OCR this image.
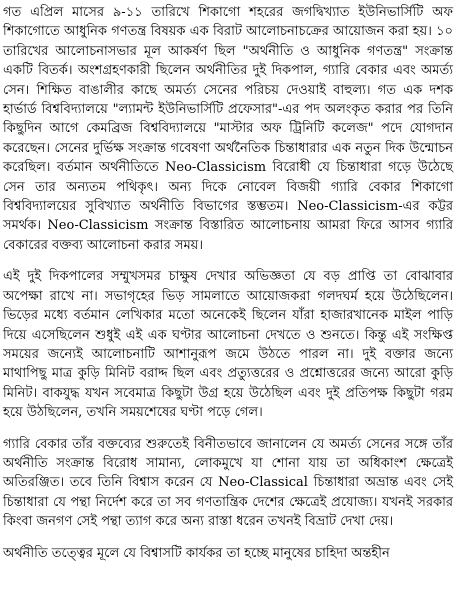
গত এপ্রিল মাসের ৯-১১ তারিখে শিকাগো শহরের জগদ্বিখ্যাত ইউনিভার্সিটি অফ শিকাগোতে আধুনিক গণতন্ত্র বিষয়ক এক বিরাট আলোচনাচক্রের আয়োজন করা হয়। ১০ তারিখের আলোচনাসভার মূল আকর্ষণ ছিল "অর্থনীতি ও আধুনিক গণতন্ত্র" সংক্রান্ত একটি বিতর্ক। অংশগ্রহণকারী ছিলেন অর্থনীতির দুই দিকপাল, গ্যারি বেকার এবং অমর্ত্য সেন। শিক্ষিত বাঙালীর কাছে অমর্ত্য সেনের পরিচয় দেওয়াই বাহুল্য। গত এক দশক হার্ভার্ড বিশ্ববিদ্যালয়ে "ল্যামন্ট ইউনিভার্সিটি প্রফেসার"-এর পদ অলংকৃত করার পর তিনি কিছুদিন আগে কেমব্রিজ বিশ্ববিদ্যালয়ে "মাস্টার অফ ট্রিনিটি কলেজ" পদে যোগদান করেছেন। সেনের দুর্ভিক্ষ সংক্রান্ত গবেষণা অর্থনৈতিক চিন্তাধারার এক নতুন দিক উন্মোচন করেছিল। বর্তমান অর্থনীতিতে Neo-Classicism বিরোধী যে চিন্তাধারা গড়ে উঠেছে সেন তার অন্যতম পথিকৃৎ। অন্য দিকে নোবেল বিজয়ী গ্যারি বেকার শিকাগো বিশ্ববিদ্যালয়ের সুবিখ্যাত অর্থনীতি বিভাগের স্তম্ভতম। Neo-Classicism-এর কট্টর সমর্থক। Neo-Classicism সংক্রান্ত বিস্তারিত আলোচনায় আমরা ফিরে আসব গ্যারি বেকারের বক্তব্য আলোচনা করার সময়।

এই দুই দিকপালের সম্মুখসমর চাক্ষুষ দেখার অভিজ্ঞতা যে বড় প্রাপ্তি তা বোঝাবার অপেক্ষা রাখে না। সভাগৃহের ভিড় সামলাতে আয়োজকরা গলদঘর্ম হয়ে উঠেছিলেন। ভিড়ের মধ্যে বর্তমান লেখিকার মতো অনেকেই ছিলেন যাঁরা হাজারখানেক মাইল পাড়ি দিয়ে এসেছিলেন শুধুই এই এক ঘণ্টার আলোচনা দেখতে ও শুনতে। কিন্তু এই সংক্ষিপ্ত সময়ের জন্যেই আলোচনাটি আশানুরূপ জমে উঠতে পারল না। দুই বক্তার জন্যে মাথাপিছু মাত্র কুড়ি মিনিট বরাদ্দ ছিল এবং প্রত্যুত্তরের ও প্রশ্নোত্তরের জন্যে আরো কুড়ি মিনিট। বাকযুদ্ধ যখন সবেমাত্র কিছুটা উগ্র হয়ে উঠেছিল এবং দুই প্রতিপক্ষ কিছুটা গরম হয়ে উঠছিলেন, তখনি সময়শেষের ঘণ্টা পড়ে গেল।

গ্যারি বেকার তাঁর বক্তব্যের শুরুতেই বিনীতভাবে জানালেন যে অমর্ত্য সেনের সঙ্গে তাঁর অর্থনীতি সংক্রান্ত বিরোধ সামান্য, লোকমুখে যা শোনা যায় তা অধিকাংশ ক্ষেত্রেই অতিরঞ্জিত। তবে তিনি বিশ্বাস করেন যে Neo-Classical চিন্তাধারা অভ্রান্ত এবং সেই চিন্তাধারা যে পন্থা নির্দেশ করে তা সব গণতান্ত্রিক দেশের ক্ষেত্রেই প্রযোজ্য। যখনই সরকার কিংবা জনগণ সেই পন্থা ত্যাগ করে অন্য রাস্তা ধরেন তখনই বিভ্রাট দেখা দেয়।

অর্থনীতি তত্ত্বের মূলে যে বিশ্বাসটি কার্যকর তা হচ্ছে মানুষের চাহিদা অন্তহীন
